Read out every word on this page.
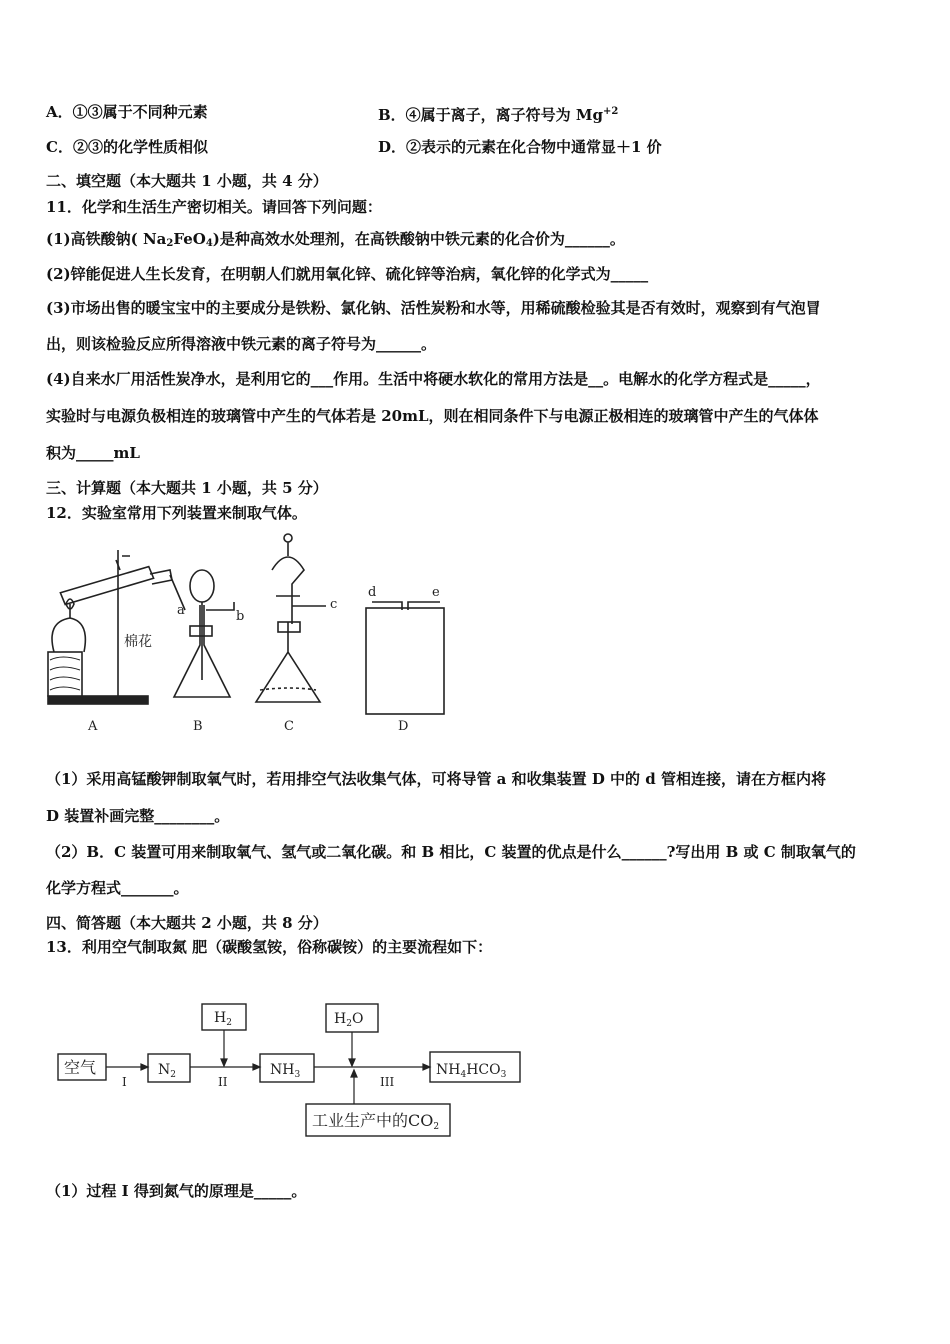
A．①③属于不同种元素	B．④属于离子，离子符号为 $Mg^{+2}$
C．②③的化学性质相似	D．②表示的元素在化合物中通常显＋1 价
二、填空题（本大题共 1 小题，共 4 分）
11．化学和生活生产密切相关。请回答下列问题：
(1)高铁酸钠( $Na_2FeO_4$)是种高效水处理剂，在高铁酸钠中铁元素的化合价为______。
(2)锌能促进人生长发育，在明朝人们就用氧化锌、硫化锌等治病，氧化锌的化学式为_____
(3)市场出售的暖宝宝中的主要成分是铁粉、氯化钠、活性炭粉和水等，用稀硫酸检验其是否有效时，观察到有气泡冒
出，则该检验反应所得溶液中铁元素的离子符号为______。
(4)自来水厂用活性炭净水，是利用它的___作用。生活中将硬水软化的常用方法是__。电解水的化学方程式是_____，
实验时与电源负极相连的玻璃管中产生的气体若是 20mL，则在相同条件下与电源正极相连的玻璃管中产生的气体体
积为_____mL
三、计算题（本大题共 1 小题，共 5 分）
12．实验室常用下列装置来制取气体。
a	b
c
d	e
棉花
A	B	C	D
（1）采用高锰酸钾制取氧气时，若用排空气法收集气体，可将导管 a 和收集装置 D 中的 d 管相连接，请在方框内将
D 装置补画完整________。
（2）B．C 装置可用来制取氧气、氢气或二氧化碳。和 B 相比，C 装置的优点是什么______?写出用 B 或 C 制取氧气的
化学方程式_______。
四、简答题（本大题共 2 小题，共 8 分）
13．利用空气制取氮 肥（碳酸氢铵，俗称碳铵）的主要流程如下：
空气	$N_2$
$H_2$
$NH_3$
$H_2O$
$NH_4HCO_3$
工业生产中的CO2
I	II	III
（1）过程 I 得到氮气的原理是_____。
